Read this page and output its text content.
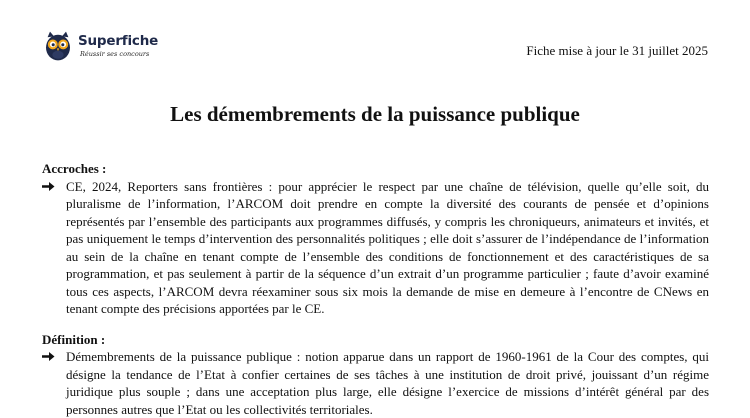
Superfiche
Réussir ses concours	Fiche mise à jour le 31 juillet 2025
Les démembrements de la puissance publique

Accroches :

CE, 2024, Reporters sans frontières : pour apprécier le respect par une chaîne de télévision, quelle qu’elle soit, du pluralisme de l’information, l’ARCOM doit prendre en compte la diversité des courants de pensée et d’opinions représentés par l’ensemble des participants aux programmes diffusés, y compris les chroniqueurs, animateurs et invités, et pas uniquement le temps d’intervention des personnalités politiques ; elle doit s’assurer de l’indépendance de l’information au sein de la chaîne en tenant compte de l’ensemble des conditions de fonctionnement et des caractéristiques de sa programmation, et pas seulement à partir de la séquence d’un extrait d’un programme particulier ; faute d’avoir examiné tous ces aspects, l’ARCOM devra réexaminer sous six mois la demande de mise en demeure à l’encontre de CNews en tenant compte des précisions apportées par le CE.

Définition :

Démembrements de la puissance publique : notion apparue dans un rapport de 1960-1961 de la Cour des comptes, qui désigne la tendance de l’Etat à confier certaines de ses tâches à une institution de droit privé, jouissant d’un régime juridique plus souple ; dans une acceptation plus large, elle désigne l’exercice de missions d’intérêt général par des personnes autres que l’Etat ou les collectivités territoriales.
